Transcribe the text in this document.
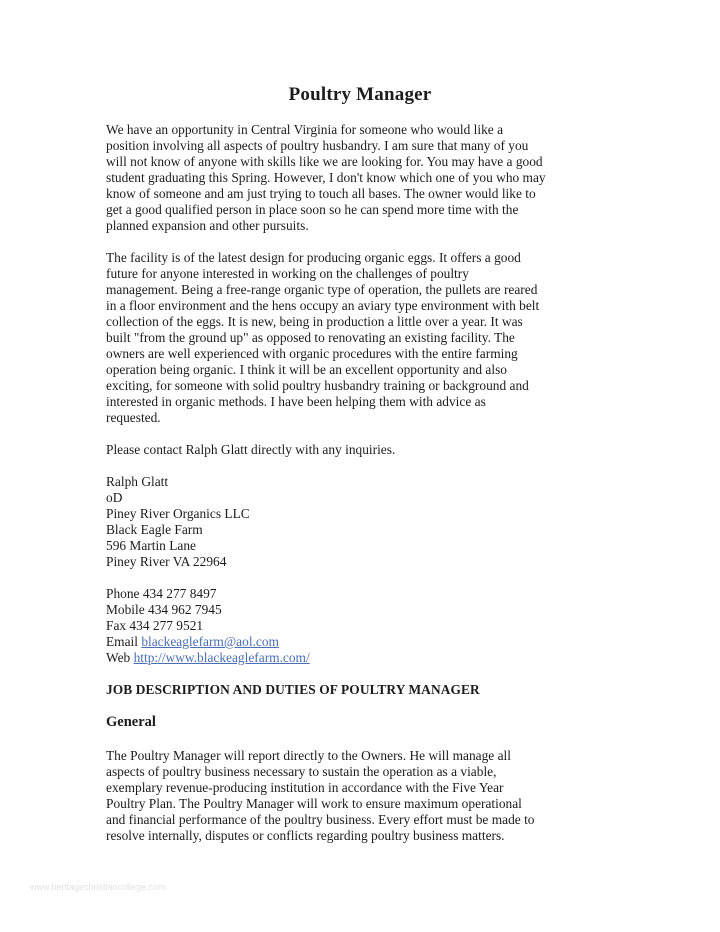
Poultry Manager
We have an opportunity in Central Virginia for someone who would like a
position involving all aspects of poultry husbandry. I am sure that many of you
will not know of anyone with skills like we are looking for. You may have a good
student graduating this Spring. However, I don't know which one of you who may
know of someone and am just trying to touch all bases. The owner would like to
get a good qualified person in place soon so he can spend more time with the
planned expansion and other pursuits.
The facility is of the latest design for producing organic eggs. It offers a good
future for anyone interested in working on the challenges of poultry
management. Being a free-range organic type of operation, the pullets are reared
in a floor environment and the hens occupy an aviary type environment with belt
collection of the eggs. It is new, being in production a little over a year. It was
built "from the ground up" as opposed to renovating an existing facility. The
owners are well experienced with organic procedures with the entire farming
operation being organic. I think it will be an excellent opportunity and also
exciting, for someone with solid poultry husbandry training or background and
interested in organic methods. I have been helping them with advice as
requested.
Please contact Ralph Glatt directly with any inquiries.
Ralph Glatt
oD
Piney River Organics LLC
Black Eagle Farm
596 Martin Lane
Piney River VA 22964
Phone 434 277 8497
Mobile 434 962 7945
Fax 434 277 9521
Email blackeaglefarm@aol.com
Web http://www.blackeaglefarm.com/
JOB DESCRIPTION AND DUTIES OF POULTRY MANAGER
General
The Poultry Manager will report directly to the Owners. He will manage all
aspects of poultry business necessary to sustain the operation as a viable,
exemplary revenue-producing institution in accordance with the Five Year
Poultry Plan. The Poultry Manager will work to ensure maximum operational
and financial performance of the poultry business. Every effort must be made to
resolve internally, disputes or conflicts regarding poultry business matters.
www.heritagechristiancollege.com
